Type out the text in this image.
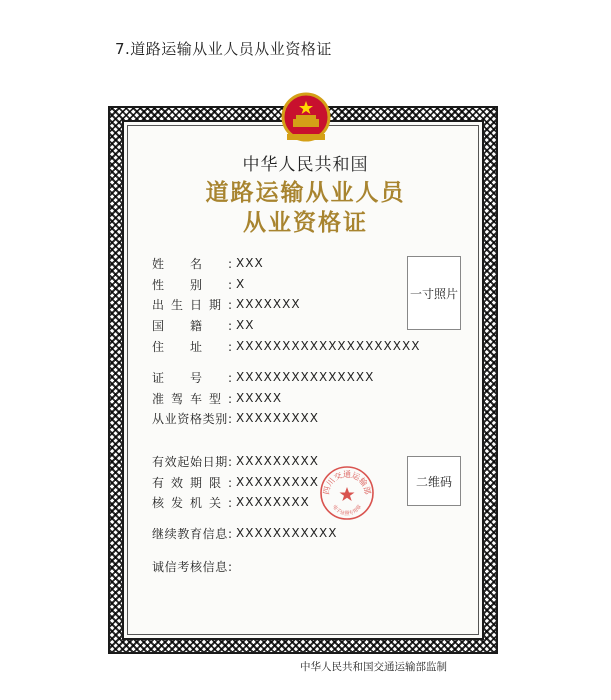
7.道路运输从业人员从业资格证
中华人民共和国
道路运输从业人员
从业资格证
姓名: XXX
性别: X
出生日期: XXXXXXX
国籍: XX
住址: XXXXXXXXXXXXXXXXXXXX
证号: XXXXXXXXXXXXXXX
准驾车型: XXXXX
从业资格类别: XXXXXXXXX
有效起始日期: XXXXXXXXX
有效期限: XXXXXXXXX
核发机关: XXXXXXXX
继续教育信息: XXXXXXXXXXX
诚信考核信息:
一寸照片
二维码
四川交通运输部
电子证照专用章
中华人民共和国交通运输部监制
